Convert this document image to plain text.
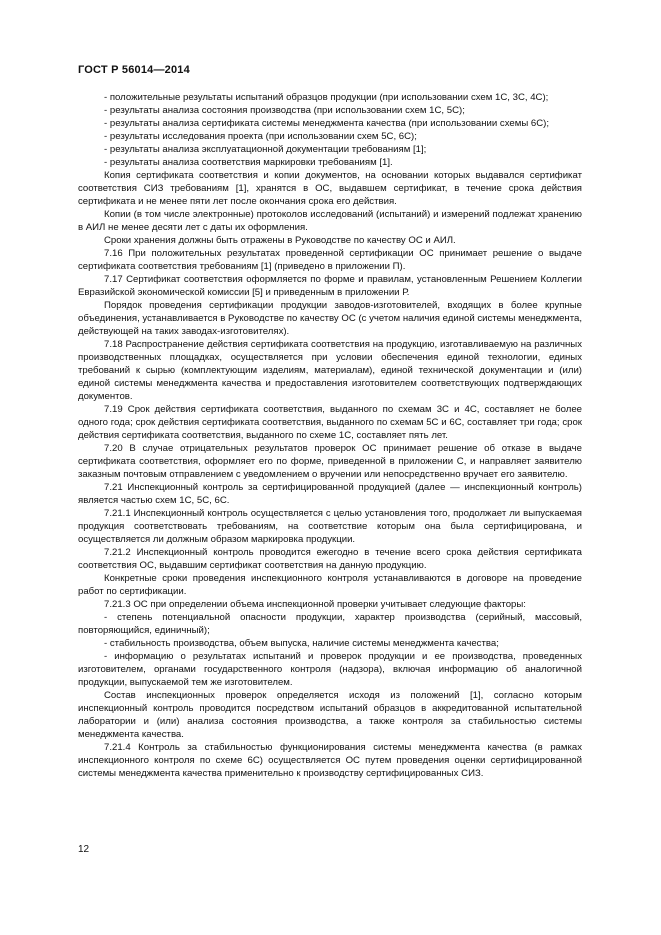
ГОСТ Р 56014—2014

- положительные результаты испытаний образцов продукции (при использовании схем 1С, 3С, 4С);

- результаты анализа состояния производства (при использовании схем 1С, 5С);

- результаты анализа сертификата системы менеджмента качества (при использовании схемы 6С);

- результаты исследования проекта (при использовании схем 5С, 6С);

- результаты анализа эксплуатационной документации требованиям [1];

- результаты анализа соответствия маркировки требованиям [1].

Копия сертификата соответствия и копии документов, на основании которых выдавался сертификат соответствия СИЗ требованиям [1], хранятся в ОС, выдавшем сертификат, в течение срока действия сертификата и не менее пяти лет после окончания срока его действия.

Копии (в том числе электронные) протоколов исследований (испытаний) и измерений подлежат хранению в АИЛ не менее десяти лет с даты их оформления.

Сроки хранения должны быть отражены в Руководстве по качеству ОС и АИЛ.

7.16 При положительных результатах проведенной сертификации ОС принимает решение о выдаче сертификата соответствия требованиям [1] (приведено в приложении П).

7.17 Сертификат соответствия оформляется по форме и правилам, установленным Решением Коллегии Евразийской экономической комиссии [5] и приведенным в приложении Р.

Порядок проведения сертификации продукции заводов-изготовителей, входящих в более крупные объединения, устанавливается в Руководстве по качеству ОС (с учетом наличия единой системы менеджмента, действующей на таких заводах-изготовителях).

7.18 Распространение действия сертификата соответствия на продукцию, изготавливаемую на различных производственных площадках, осуществляется при условии обеспечения единой технологии, единых требований к сырью (комплектующим изделиям, материалам), единой технической документации и (или) единой системы менеджмента качества и предоставления изготовителем соответствующих подтверждающих документов.

7.19 Срок действия сертификата соответствия, выданного по схемам 3С и 4С, составляет не более одного года; срок действия сертификата соответствия, выданного по схемам 5С и 6С, составляет три года; срок действия сертификата соответствия, выданного по схеме 1С, составляет пять лет.

7.20 В случае отрицательных результатов проверок ОС принимает решение об отказе в выдаче сертификата соответствия, оформляет его по форме, приведенной в приложении С, и направляет заявителю заказным почтовым отправлением с уведомлением о вручении или непосредственно вручает его заявителю.

7.21 Инспекционный контроль за сертифицированной продукцией (далее — инспекционный контроль) является частью схем 1С, 5С, 6С.

7.21.1 Инспекционный контроль осуществляется с целью установления того, продолжает ли выпускаемая продукция соответствовать требованиям, на соответствие которым она была сертифицирована, и осуществляется ли должным образом маркировка продукции.

7.21.2 Инспекционный контроль проводится ежегодно в течение всего срока действия сертификата соответствия ОС, выдавшим сертификат соответствия на данную продукцию.

Конкретные сроки проведения инспекционного контроля устанавливаются в договоре на проведение работ по сертификации.

7.21.3 ОС при определении объема инспекционной проверки учитывает следующие факторы:

- степень потенциальной опасности продукции, характер производства (серийный, массовый, повторяющийся, единичный);

- стабильность производства, объем выпуска, наличие системы менеджмента качества;

- информацию о результатах испытаний и проверок продукции и ее производства, проведенных изготовителем, органами государственного контроля (надзора), включая информацию об аналогичной продукции, выпускаемой тем же изготовителем.

Состав инспекционных проверок определяется исходя из положений [1], согласно которым инспекционный контроль проводится посредством испытаний образцов в аккредитованной испытательной лаборатории и (или) анализа состояния производства, а также контроля за стабильностью системы менеджмента качества.

7.21.4 Контроль за стабильностью функционирования системы менеджмента качества (в рамках инспекционного контроля по схеме 6С) осуществляется ОС путем проведения оценки сертифицированной системы менеджмента качества применительно к производству сертифицированных СИЗ.

12
